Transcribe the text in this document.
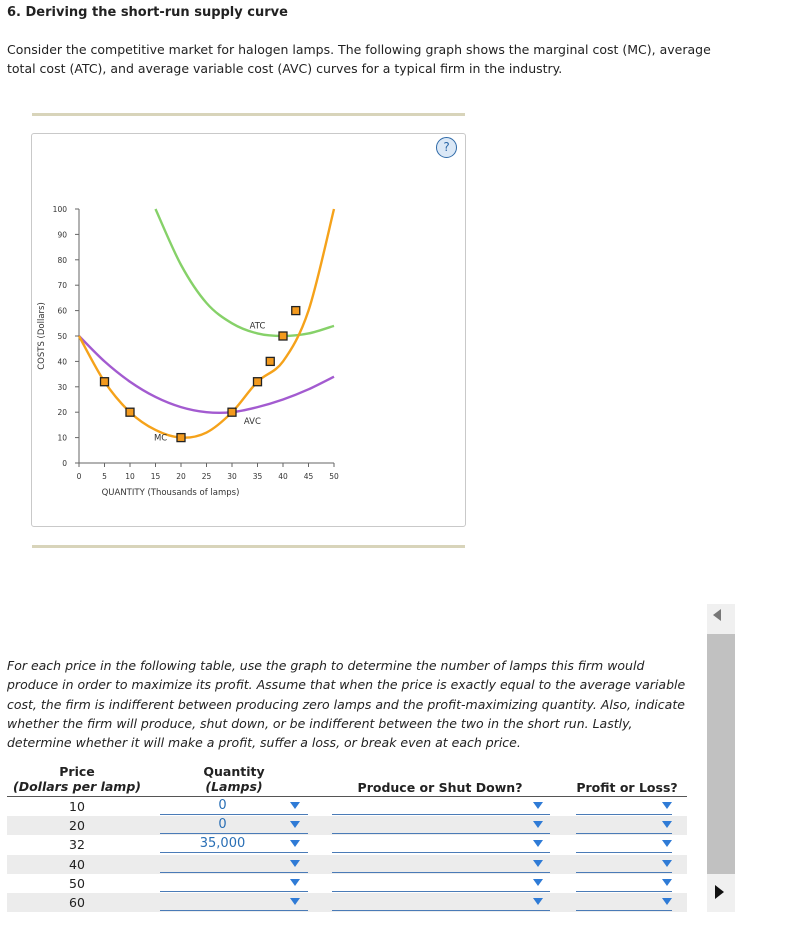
6. Deriving the short-run supply curve
Consider the competitive market for halogen lamps. The following graph shows the marginal cost (MC), average total cost (ATC), and average variable cost (AVC) curves for a typical firm in the industry.
?
0	5 10 15 20 25 30 35 40 45 50
0
10
20
30
40
50
60
70
80
90
100
QUANTITY (Thousands of lamps)
COSTS (Dollars)	ATC
AVC
MC
For each price in the following table, use the graph to determine the number of lamps this firm would produce in order to maximize its profit. Assume that when the price is exactly equal to the average variable cost, the firm is indifferent between producing zero lamps and the profit-maximizing quantity. Also, indicate whether the firm will produce, shut down, or be indifferent between the two in the short run. Lastly, determine whether it will make a profit, suffer a loss, or break even at each price.
Price
(Dollars per lamp)
Quantity
(Lamps)	Produce or Shut Down?	Profit or Loss?
10	0
20	0
32	35,000
40
50
60
